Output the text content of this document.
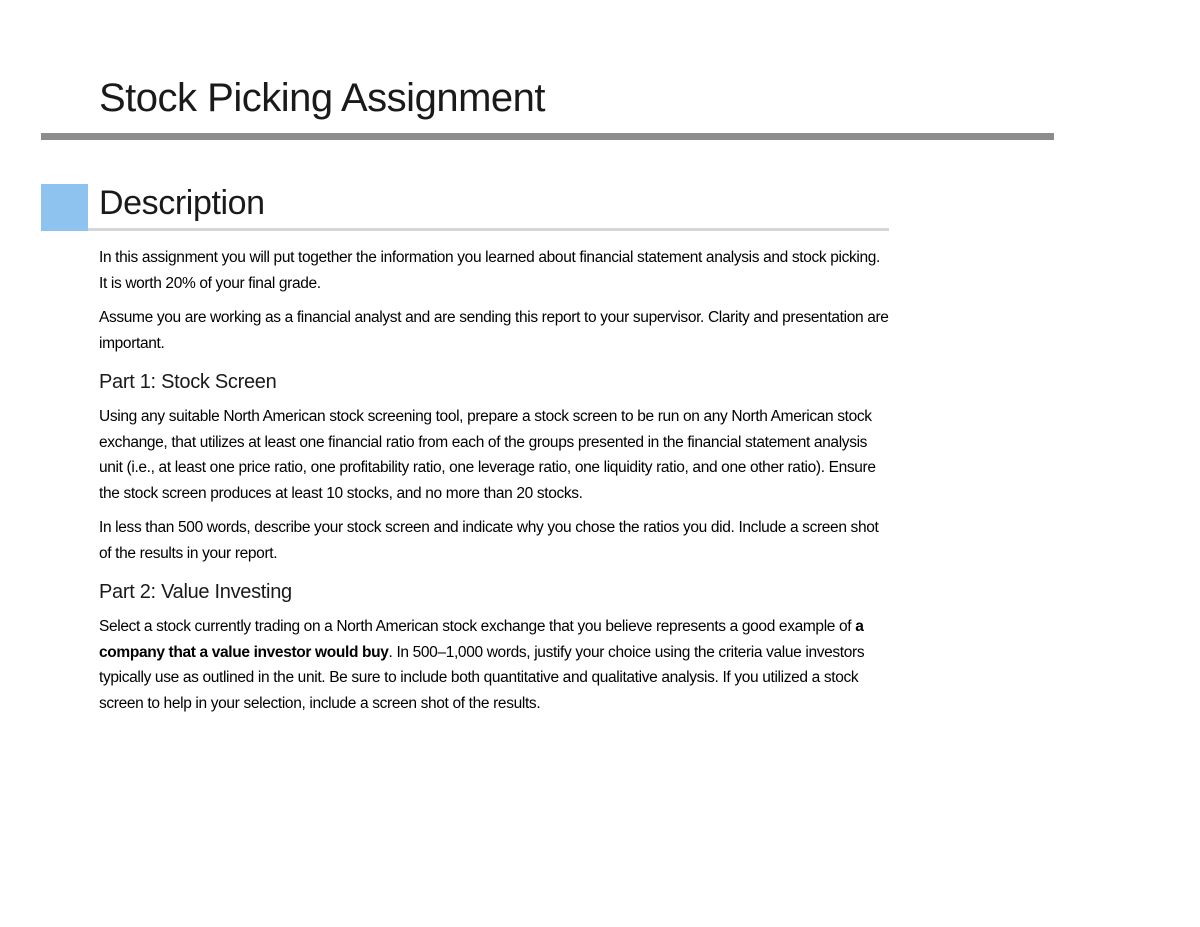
Stock Picking Assignment
Description

In this assignment you will put together the information you learned about financial statement analysis and stock picking. It is worth 20% of your final grade.

Assume you are working as a financial analyst and are sending this report to your supervisor. Clarity and presentation are important.

Part 1: Stock Screen

Using any suitable North American stock screening tool, prepare a stock screen to be run on any North American stock exchange, that utilizes at least one financial ratio from each of the groups presented in the financial statement analysis unit (i.e., at least one price ratio, one profitability ratio, one leverage ratio, one liquidity ratio, and one other ratio). Ensure the stock screen produces at least 10 stocks, and no more than 20 stocks.

In less than 500 words, describe your stock screen and indicate why you chose the ratios you did. Include a screen shot of the results in your report.

Part 2: Value Investing

Select a stock currently trading on a North American stock exchange that you believe represents a good example of a company that a value investor would buy. In 500–1,000 words, justify your choice using the criteria value investors typically use as outlined in the unit. Be sure to include both quantitative and qualitative analysis. If you utilized a stock screen to help in your selection, include a screen shot of the results.
